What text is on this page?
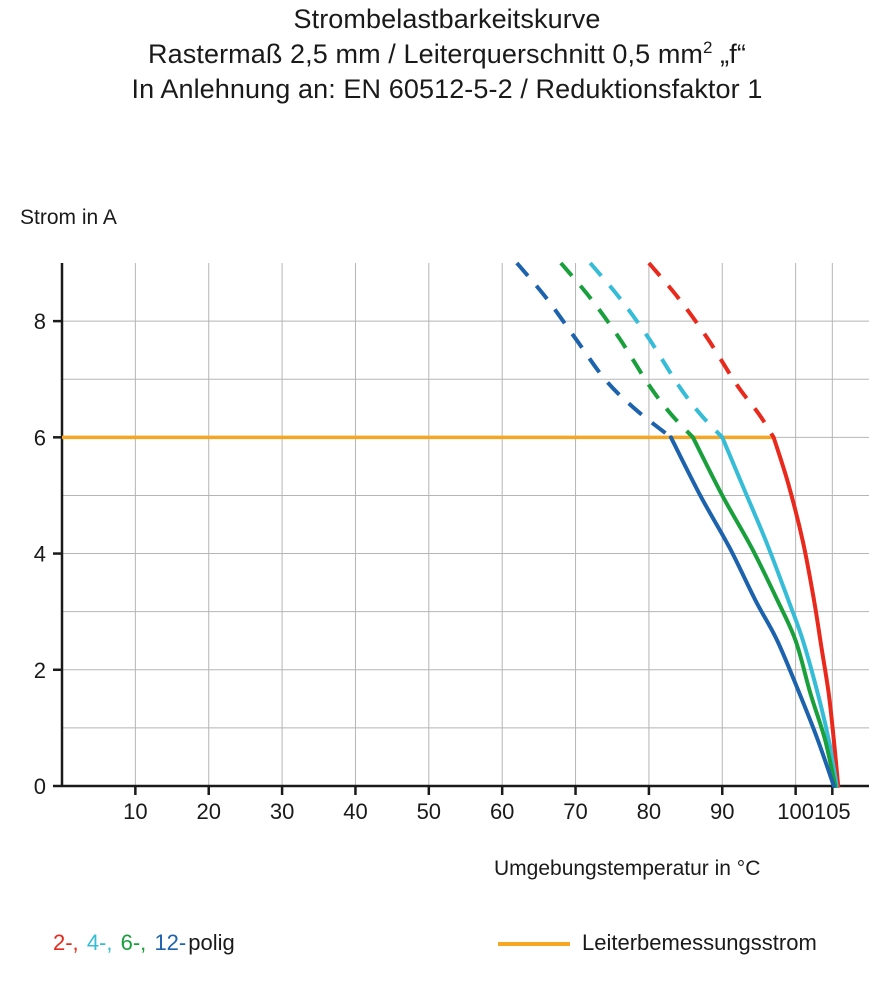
Strombelastbarkeitskurve
Rastermaß 2,5 mm / Leiterquerschnitt 0,5 $mm^2$ „f“
In Anlehnung an: EN 60512-5-2 / Reduktionsfaktor 1
Strom in A
Umgebungstemperatur in °C
0
2
4
6
8
10 20 30 40 50 60 70 80 90 100 105
2-, 4-, 6-, 12-polig	Leiterbemessungsstrom
